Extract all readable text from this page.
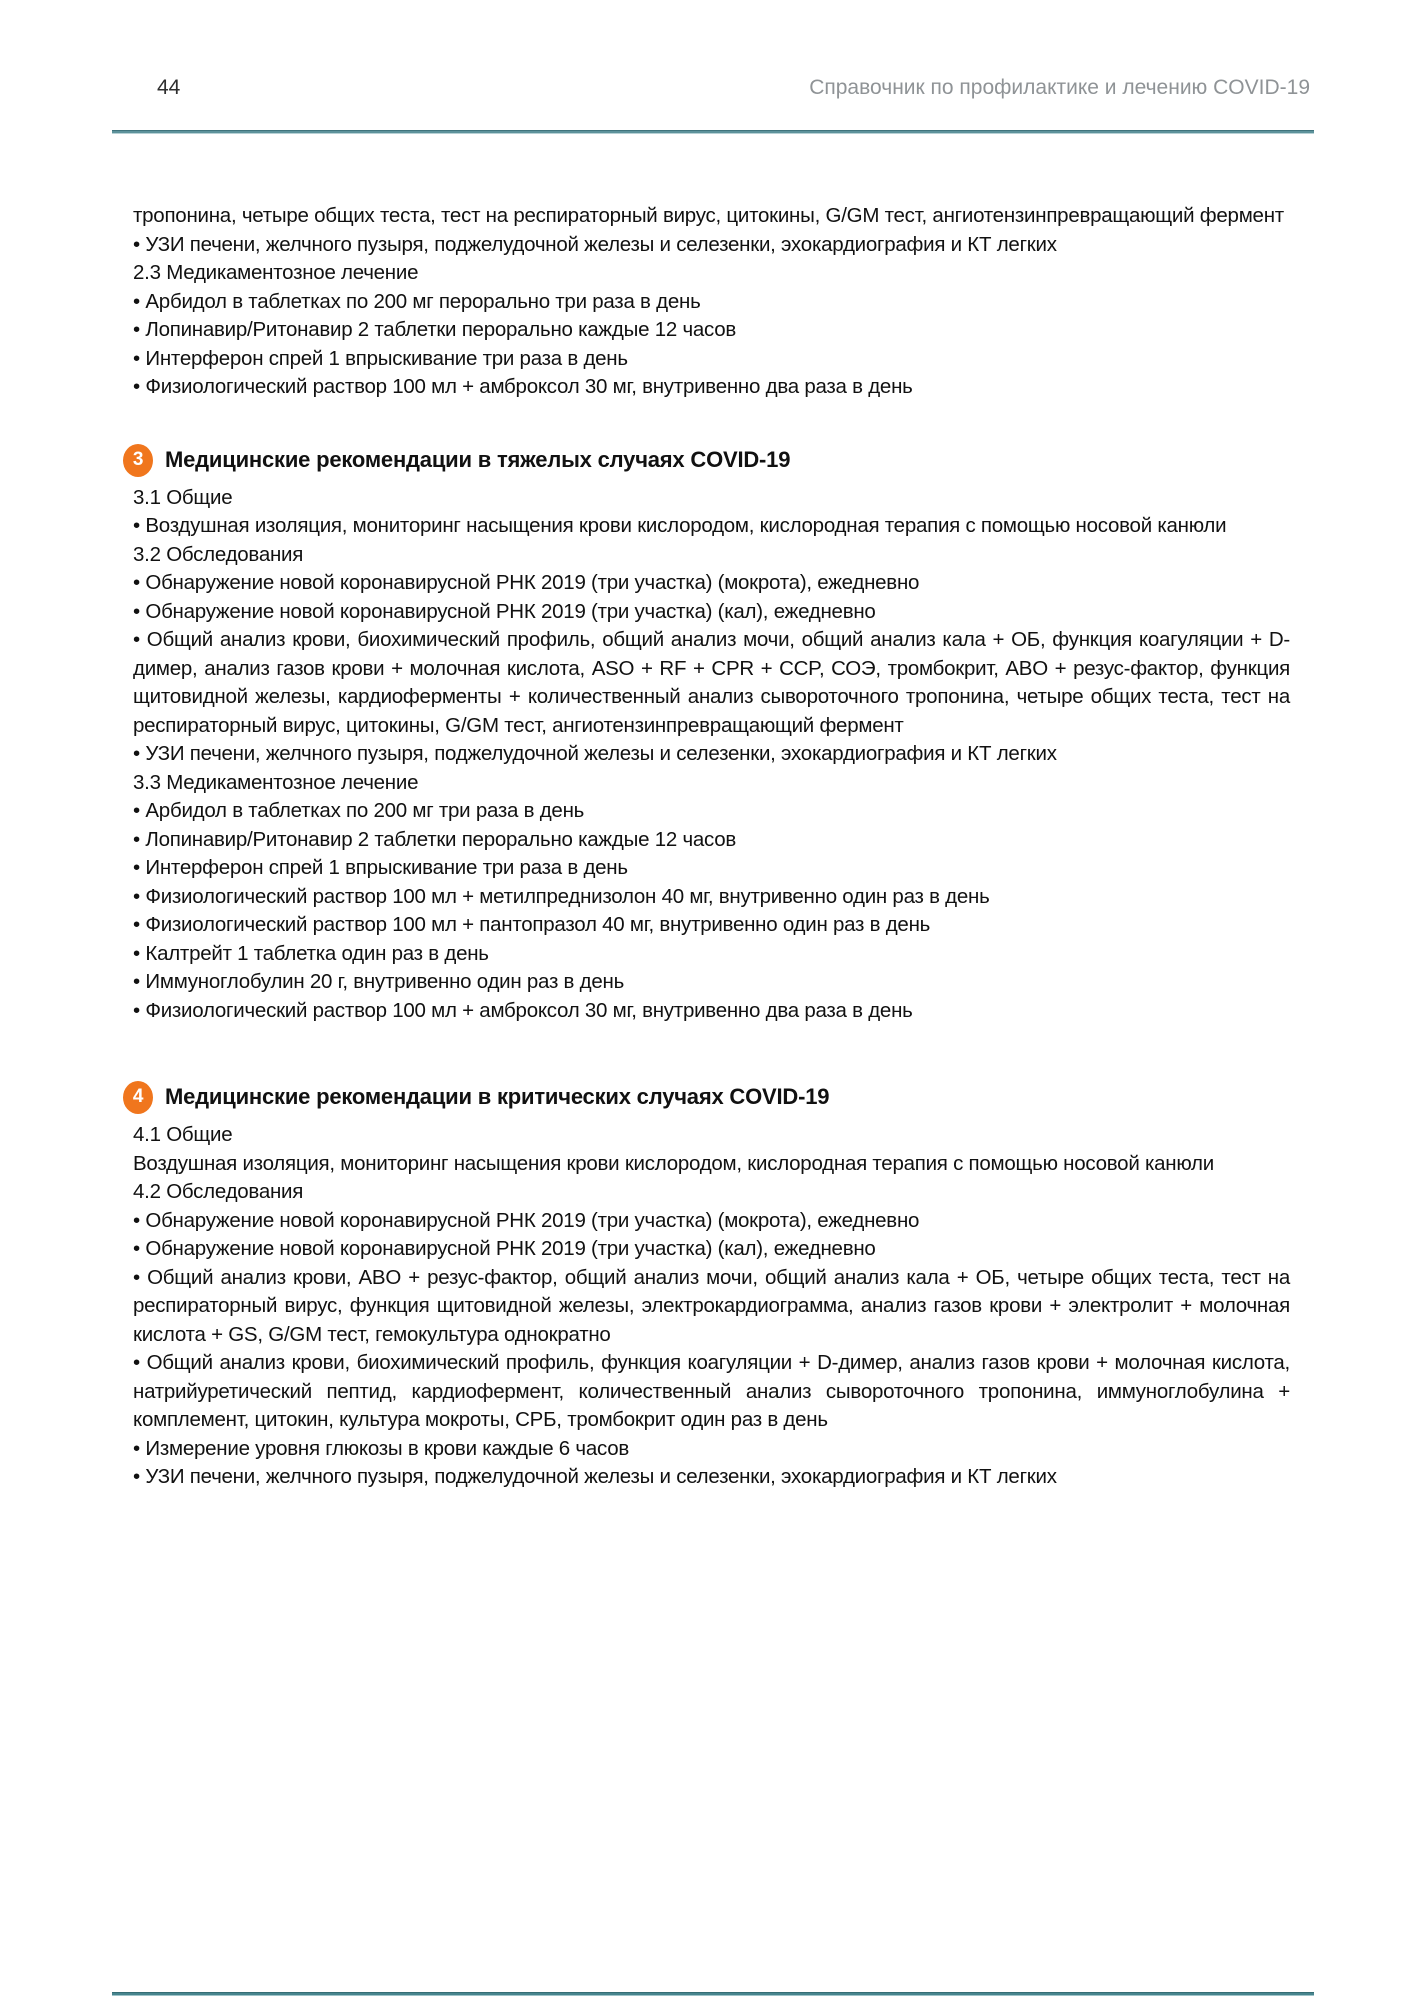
44	Справочник по профилактике и лечению COVID-19

тропонина, четыре общих теста, тест на респираторный вирус, цитокины, G/GM тест, ангиотензинпревращающий фермент

• УЗИ печени, желчного пузыря, поджелудочной железы и селезенки, эхокардиография и КТ легких

2.3 Медикаментозное лечение

• Арбидол в таблетках по 200 мг перорально три раза в день

• Лопинавир/Ритонавир 2 таблетки перорально каждые 12 часов

• Интерферон спрей 1 впрыскивание три раза в день

• Физиологический раствор 100 мл + амброксол 30 мг, внутривенно два раза в день

3 Медицинские рекомендации в тяжелых случаях COVID-19

3.1 Общие

• Воздушная изоляция, мониторинг насыщения крови кислородом, кислородная терапия с помощью носовой канюли

3.2 Обследования

• Обнаружение новой коронавирусной РНК 2019 (три участка) (мокрота), ежедневно

• Обнаружение новой коронавирусной РНК 2019 (три участка) (кал), ежедневно

• Общий анализ крови, биохимический профиль, общий анализ мочи, общий анализ кала + ОБ, функция коагуляции + D-димер, анализ газов крови + молочная кислота, ASO + RF + CPR + CCP, СОЭ, тромбокрит, ABO + резус-фактор, функция щитовидной железы, кардиоферменты + количественный анализ сывороточного тропонина, четыре общих теста, тест на респираторный вирус, цитокины, G/GM тест, ангиотензинпревращающий фермент

• УЗИ печени, желчного пузыря, поджелудочной железы и селезенки, эхокардиография и КТ легких

3.3 Медикаментозное лечение

• Арбидол в таблетках по 200 мг три раза в день

• Лопинавир/Ритонавир 2 таблетки перорально каждые 12 часов

• Интерферон спрей 1 впрыскивание три раза в день

• Физиологический раствор 100 мл + метилпреднизолон 40 мг, внутривенно один раз в день

• Физиологический раствор 100 мл + пантопразол 40 мг, внутривенно один раз в день

• Калтрейт 1 таблетка один раз в день

• Иммуноглобулин 20 г, внутривенно один раз в день

• Физиологический раствор 100 мл + амброксол 30 мг, внутривенно два раза в день

4 Медицинские рекомендации в критических случаях COVID-19

4.1 Общие

Воздушная изоляция, мониторинг насыщения крови кислородом, кислородная терапия с помощью носовой канюли

4.2 Обследования

• Обнаружение новой коронавирусной РНК 2019 (три участка) (мокрота), ежедневно

• Обнаружение новой коронавирусной РНК 2019 (три участка) (кал), ежедневно

• Общий анализ крови, ABO + резус-фактор, общий анализ мочи, общий анализ кала + ОБ, четыре общих теста, тест на респираторный вирус, функция щитовидной железы, электрокардиограмма, анализ газов крови + электролит + молочная кислота + GS, G/GM тест, гемокультура однократно

• Общий анализ крови, биохимический профиль, функция коагуляции + D-димер, анализ газов крови + молочная кислота, натрийуретический пептид, кардиофермент, количественный анализ сывороточного тропонина, иммуноглобулина + комплемент, цитокин, культура мокроты, СРБ, тромбокрит один раз в день

• Измерение уровня глюкозы в крови каждые 6 часов

• УЗИ печени, желчного пузыря, поджелудочной железы и селезенки, эхокардиография и КТ легких
